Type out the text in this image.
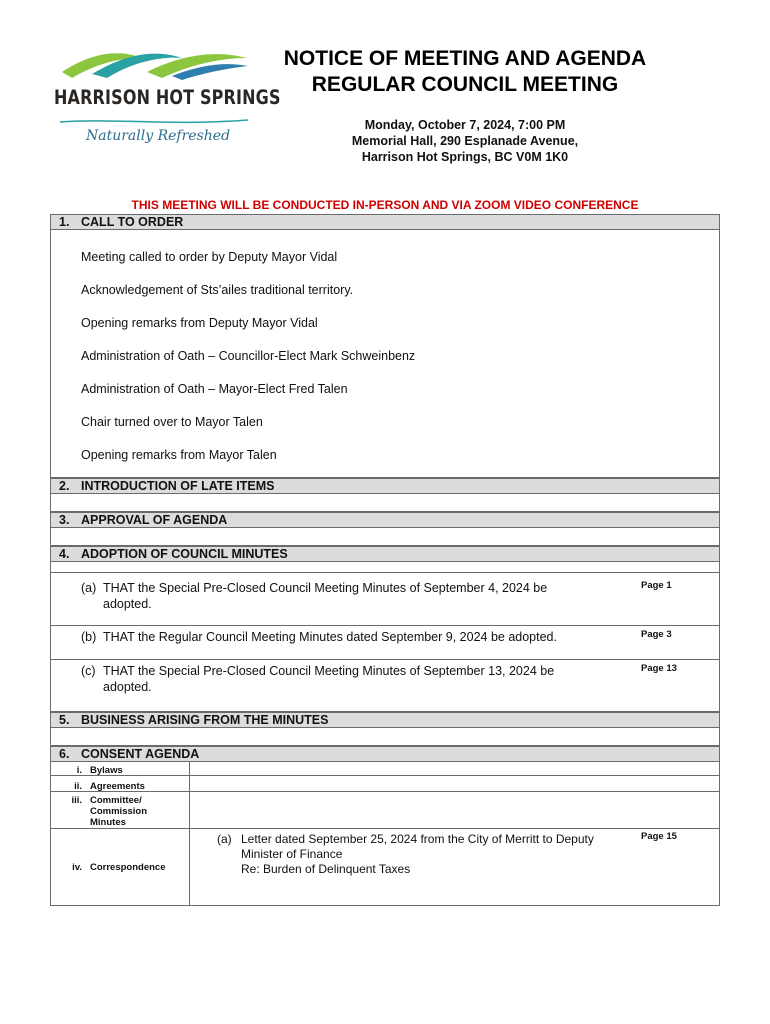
HARRISON HOT SPRINGS
Naturally Refreshed
NOTICE OF MEETING AND AGENDA
REGULAR COUNCIL MEETING
Monday, October 7, 2024, 7:00 PM
Memorial Hall, 290 Esplanade Avenue,
Harrison Hot Springs, BC V0M 1K0
THIS MEETING WILL BE CONDUCTED IN-PERSON AND VIA ZOOM VIDEO CONFERENCE
1. CALL TO ORDER
Meeting called to order by Deputy Mayor Vidal
Acknowledgement of Sts’ailes traditional territory.
Opening remarks from Deputy Mayor Vidal
Administration of Oath – Councillor-Elect Mark Schweinbenz
Administration of Oath – Mayor-Elect Fred Talen
Chair turned over to Mayor Talen
Opening remarks from Mayor Talen
2. INTRODUCTION OF LATE ITEMS
3. APPROVAL OF AGENDA
4. ADOPTION OF COUNCIL MINUTES
(a) THAT the Special Pre-Closed Council Meeting Minutes of September 4, 2024 be
adopted.
Page 1
(b) THAT the Regular Council Meeting Minutes dated September 9, 2024 be adopted.	Page 3
(c) THAT the Special Pre-Closed Council Meeting Minutes of September 13, 2024 be
adopted.
Page 13
5. BUSINESS ARISING FROM THE MINUTES
6. CONSENT AGENDA
i. Bylaws
ii. Agreements
iii. Committee/
Commission
Minutes
iv. Correspondence
(a) Letter dated September 25, 2024 from the City of Merritt to Deputy
Minister of Finance
Re: Burden of Delinquent Taxes
Page 15
